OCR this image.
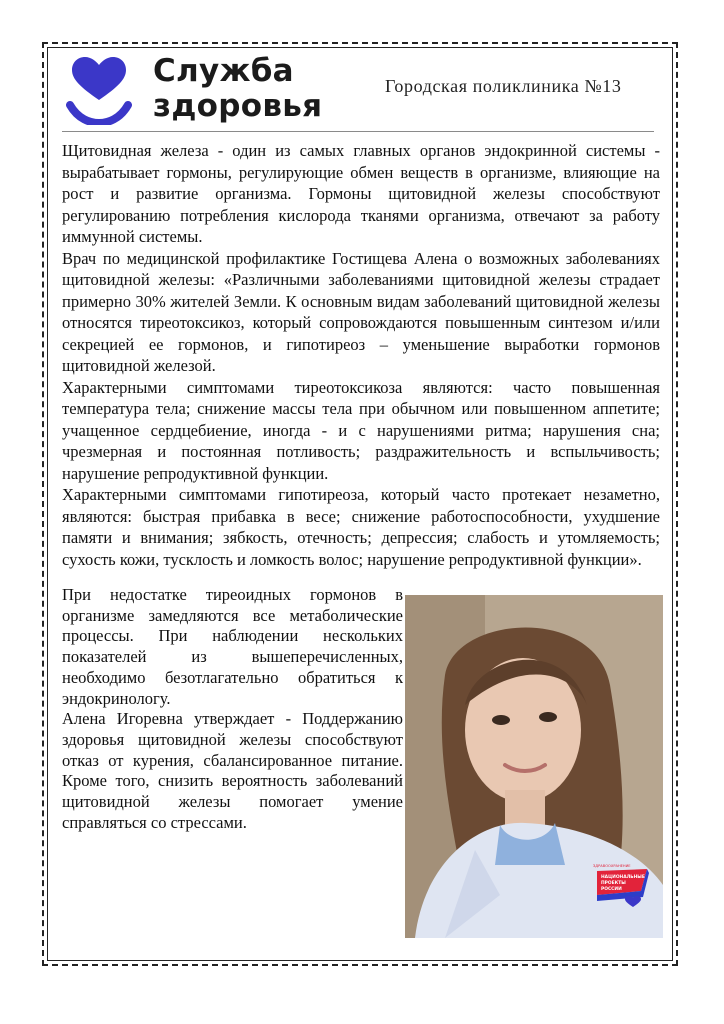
Служба
здоровья
Городская поликлиника №13

Щитовидная железа - один из самых главных органов эндокринной системы - вырабатывает гормоны, регулирующие обмен веществ в организме, влияющие на рост и развитие организма. Гормоны щитовидной железы способствуют регулированию потребления кислорода тканями организма, отвечают за работу иммунной системы.

Врач по медицинской профилактике Гостищева Алена о возможных заболеваниях щитовидной железы: «Различными заболеваниями щитовидной железы страдает примерно 30% жителей Земли. К основным видам заболеваний щитовидной железы относятся тиреотоксикоз, который сопровождаются повышенным синтезом и/или секрецией ее гормонов, и гипотиреоз – уменьшение выработки гормонов щитовидной железой.

Характерными симптомами тиреотоксикоза являются: часто повышенная температура тела; снижение массы тела при обычном или повышенном аппетите; учащенное сердцебиение, иногда - и с нарушениями ритма; нарушения сна; чрезмерная и постоянная потливость; раздражительность и вспыльчивость; нарушение репродуктивной функции.

Характерными симптомами гипотиреоза, который часто протекает незаметно, являются: быстрая прибавка в весе; снижение работоспособности, ухудшение памяти и внимания; зябкость, отечность; депрессия; слабость и утомляемость; сухость кожи, тусклость и ломкость волос; нарушение репродуктивной функции».

При недостатке тиреоидных гормонов в организме замедляются все метаболические процессы. При наблюдении нескольких показателей из вышеперечисленных, необходимо безотлагательно обратиться к эндокринологу.

Алена Игоревна утверждает - Поддержанию здоровья щитовидной железы способствуют отказ от курения, сбалансированное питание. Кроме того, снизить вероятность заболеваний щитовидной железы помогает умение справляться со стрессами.

ЗДРАВООХРАНЕНИЕ
НАЦИОНАЛЬНЫЕ
ПРОЕКТЫ
РОССИИ
